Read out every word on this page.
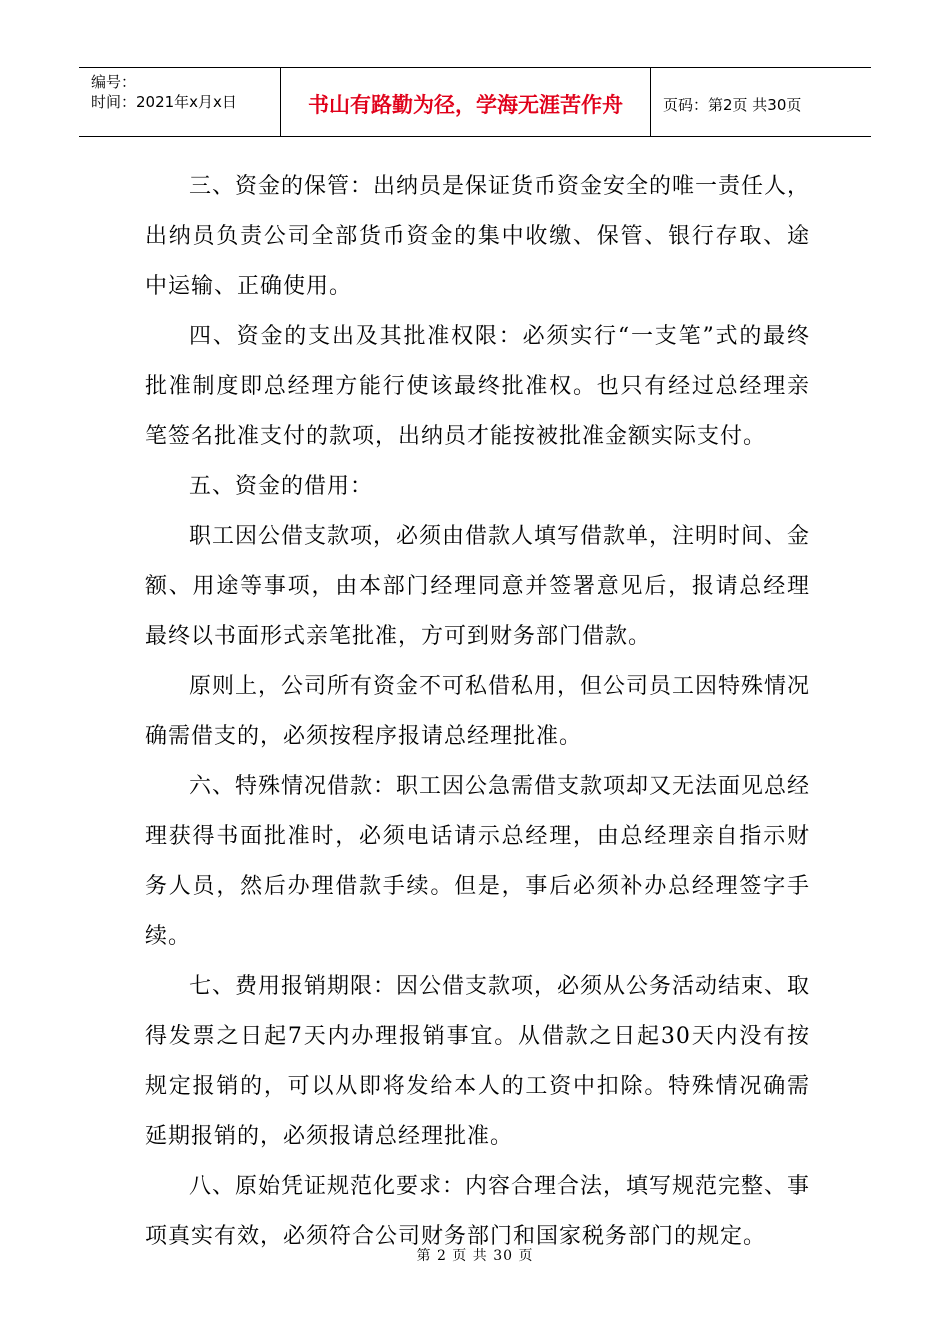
编号：
时间：2021年x月x日	书山有路勤为径，学海无涯苦作舟	页码：第2页 共30页

三、资金的保管：出纳员是保证货币资金安全的唯一责任人，出纳员负责公司全部货币资金的集中收缴、保管、银行存取、途中运输、正确使用。

四、资金的支出及其批准权限：必须实行“一支笔”式的最终批准制度即总经理方能行使该最终批准权。也只有经过总经理亲笔签名批准支付的款项，出纳员才能按被批准金额实际支付。

五、资金的借用：

职工因公借支款项，必须由借款人填写借款单，注明时间、金额、用途等事项，由本部门经理同意并签署意见后，报请总经理最终以书面形式亲笔批准，方可到财务部门借款。

原则上，公司所有资金不可私借私用，但公司员工因特殊情况确需借支的，必须按程序报请总经理批准。

六、特殊情况借款：职工因公急需借支款项却又无法面见总经理获得书面批准时，必须电话请示总经理，由总经理亲自指示财务人员，然后办理借款手续。但是，事后必须补办总经理签字手续。

七、费用报销期限：因公借支款项，必须从公务活动结束、取得发票之日起7天内办理报销事宜。从借款之日起30天内没有按规定报销的，可以从即将发给本人的工资中扣除。特殊情况确需延期报销的，必须报请总经理批准。

八、原始凭证规范化要求：内容合理合法，填写规范完整、事项真实有效，必须符合公司财务部门和国家税务部门的规定。

第 2 页 共 30 页
